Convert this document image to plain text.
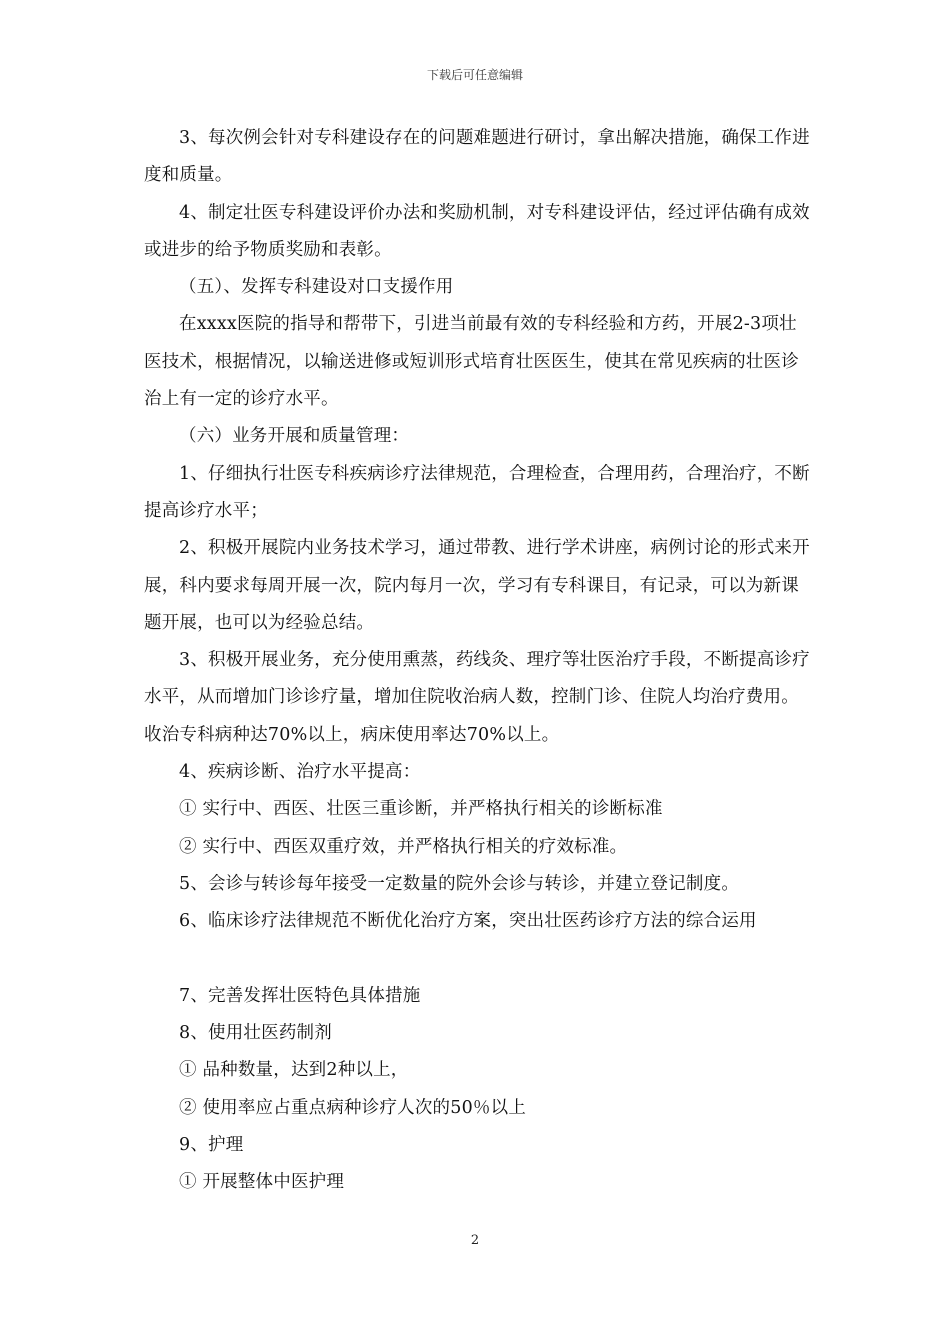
下载后可任意编辑

3、每次例会针对专科建设存在的问题难题进行研讨，拿出解决措施，确保工作进度和质量。

4、制定壮医专科建设评价办法和奖励机制，对专科建设评估，经过评估确有成效或进步的给予物质奖励和表彰。

（五）、发挥专科建设对口支援作用

在xxxx医院的指导和帮带下，引进当前最有效的专科经验和方药，开展2-3项壮医技术，根据情况，以输送进修或短训形式培育壮医医生，使其在常见疾病的壮医诊治上有一定的诊疗水平。

（六）业务开展和质量管理：

1、仔细执行壮医专科疾病诊疗法律规范，合理检查，合理用药，合理治疗，不断提高诊疗水平；

2、积极开展院内业务技术学习，通过带教、进行学术讲座，病例讨论的形式来开展，科内要求每周开展一次，院内每月一次，学习有专科课目，有记录，可以为新课题开展，也可以为经验总结。

3、积极开展业务，充分使用熏蒸，药线灸、理疗等壮医治疗手段，不断提高诊疗水平，从而增加门诊诊疗量，增加住院收治病人数，控制门诊、住院人均治疗费用。收治专科病种达70%以上，病床使用率达70%以上。

4、疾病诊断、治疗水平提高：

① 实行中、西医、壮医三重诊断，并严格执行相关的诊断标准

② 实行中、西医双重疗效，并严格执行相关的疗效标准。

5、会诊与转诊每年接受一定数量的院外会诊与转诊，并建立登记制度。

6、临床诊疗法律规范不断优化治疗方案，突出壮医药诊疗方法的综合运用

7、完善发挥壮医特色具体措施

8、使用壮医药制剂

① 品种数量，达到2种以上，

② 使用率应占重点病种诊疗人次的50％以上

9、护理

① 开展整体中医护理

2
